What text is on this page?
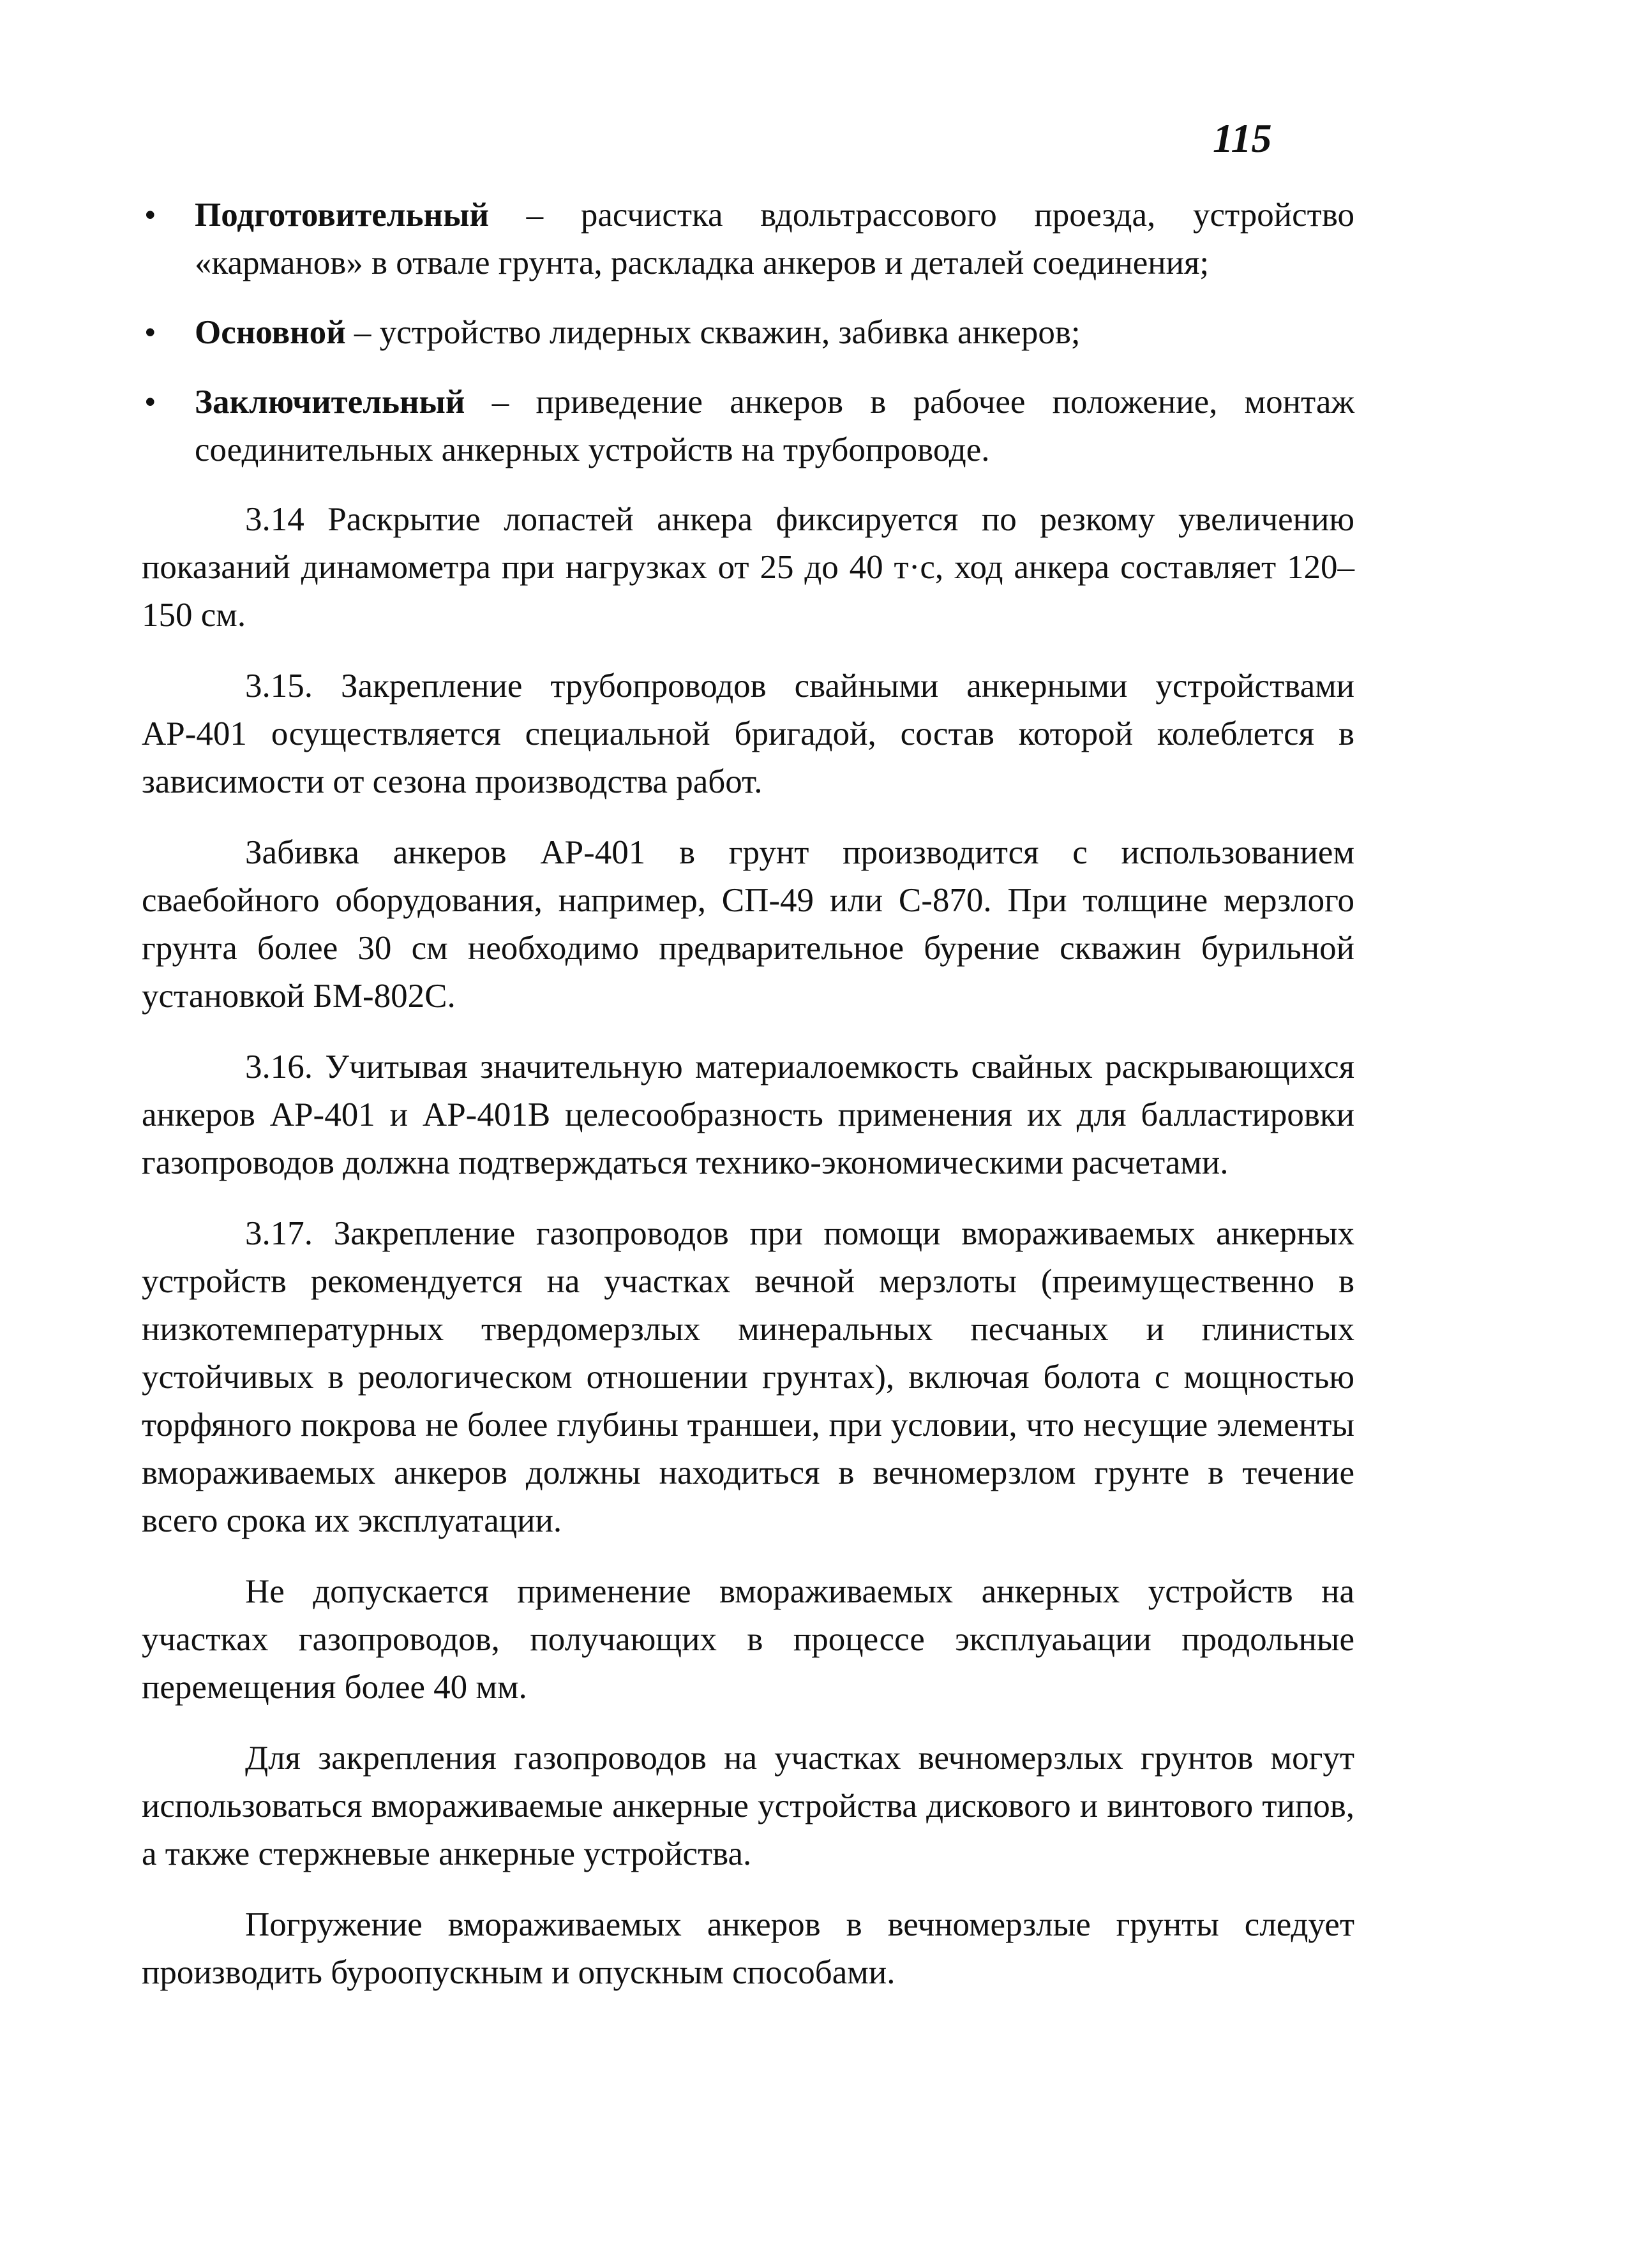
115
•	Подготовительный – расчистка вдольтрассового проезда, устройство «карманов» в отвале грунта, раскладка анкеров и деталей соединения;
•	Основной – устройство лидерных скважин, забивка анкеров;
•	Заключительный – приведение анкеров в рабочее положение, монтаж соединительных анкерных устройств на трубопроводе.

3.14 Раскрытие лопастей анкера фиксируется по резкому увеличению показаний динамометра при нагрузках от 25 до 40 т·с, ход анкера составляет 120–150 см.

3.15. Закрепление трубопроводов свайными анкерными устройствами АР-401 осуществляется специальной бригадой, состав которой колеблется в зависимости от сезона производства работ.

Забивка анкеров АР-401 в грунт производится с использованием сваебойного оборудования, например, СП-49 или С-870. При толщине мерзлого грунта более 30 см необходимо предварительное бурение скважин бурильной установкой БМ-802С.

3.16. Учитывая значительную материалоемкость свайных раскрывающихся анкеров АР-401 и АР-401В целесообразность применения их для балластировки газопроводов должна подтверждаться технико-экономическими расчетами.

3.17. Закрепление газопроводов при помощи вмораживаемых анкерных устройств рекомендуется на участках вечной мерзлоты (преимущественно в низкотемпературных твердомерзлых минеральных песчаных и глинистых устойчивых в реологическом отношении грунтах), включая болота с мощностью торфяного покрова не более глубины траншеи, при условии, что несущие элементы вмораживаемых анкеров должны находиться в вечномерзлом грунте в течение всего срока их эксплуатации.

Не допускается применение вмораживаемых анкерных устройств на участках газопроводов, получающих в процессе эксплуаьации продольные перемещения более 40 мм.

Для закрепления газопроводов на участках вечномерзлых грунтов могут использоваться вмораживаемые анкерные устройства дискового и винтового типов, а также стержневые анкерные устройства.

Погружение вмораживаемых анкеров в вечномерзлые грунты следует производить буроопускным и опускным способами.
